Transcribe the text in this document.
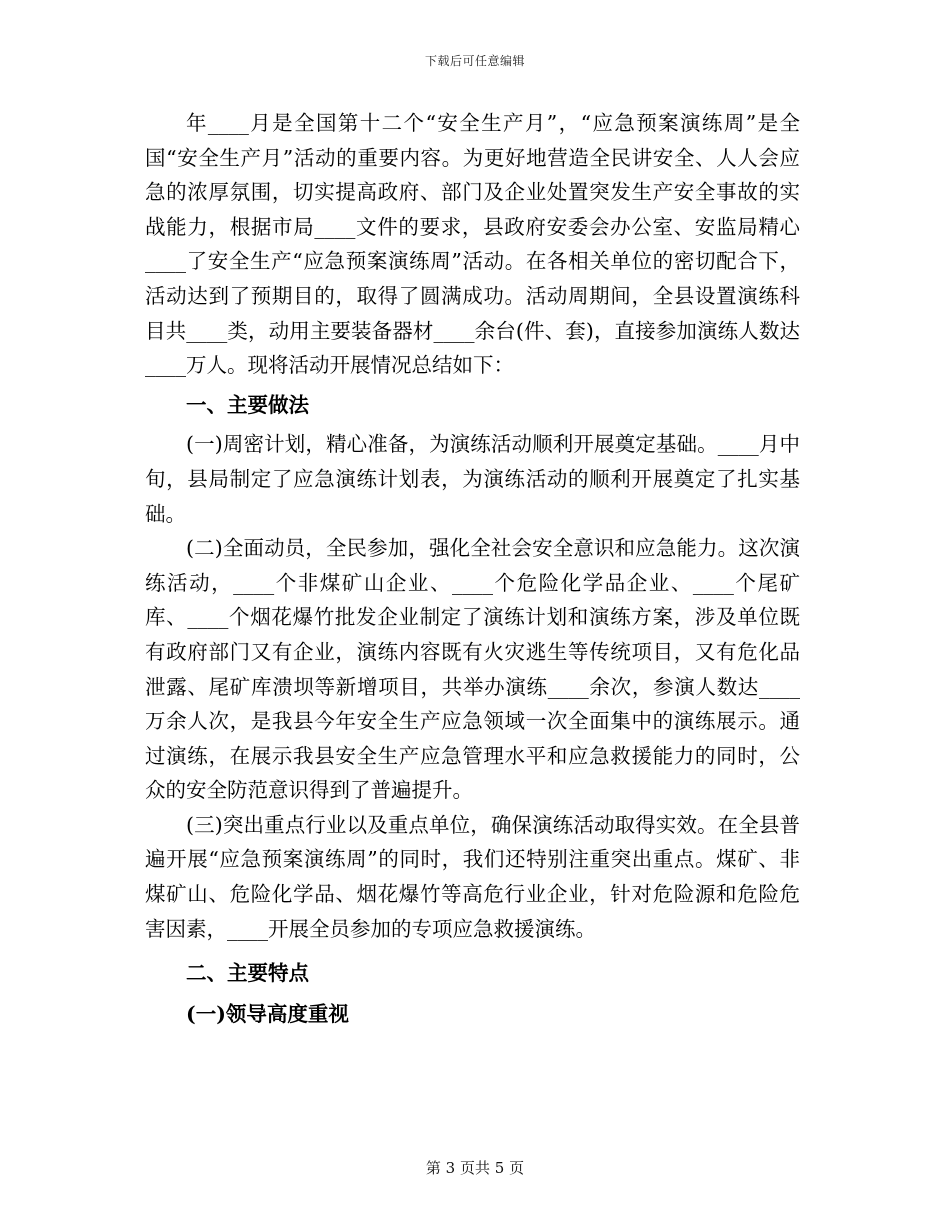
下载后可任意编辑

年____月是全国第十二个“安全生产月”，“应急预案演练周”是全国“安全生产月”活动的重要内容。为更好地营造全民讲安全、人人会应急的浓厚氛围，切实提高政府、部门及企业处置突发生产安全事故的实战能力，根据市局____文件的要求，县政府安委会办公室、安监局精心____了安全生产“应急预案演练周”活动。在各相关单位的密切配合下，活动达到了预期目的，取得了圆满成功。活动周期间，全县设置演练科目共____类，动用主要装备器材____余台(件、套)，直接参加演练人数达____万人。现将活动开展情况总结如下：

一、主要做法

(一)周密计划，精心准备，为演练活动顺利开展奠定基础。____月中旬，县局制定了应急演练计划表，为演练活动的顺利开展奠定了扎实基础。

(二)全面动员，全民参加，强化全社会安全意识和应急能力。这次演练活动，____个非煤矿山企业、____个危险化学品企业、____个尾矿库、____个烟花爆竹批发企业制定了演练计划和演练方案，涉及单位既有政府部门又有企业，演练内容既有火灾逃生等传统项目，又有危化品泄露、尾矿库溃坝等新增项目，共举办演练____余次，参演人数达____万余人次，是我县今年安全生产应急领域一次全面集中的演练展示。通过演练，在展示我县安全生产应急管理水平和应急救援能力的同时，公众的安全防范意识得到了普遍提升。

(三)突出重点行业以及重点单位，确保演练活动取得实效。在全县普遍开展“应急预案演练周”的同时，我们还特别注重突出重点。煤矿、非煤矿山、危险化学品、烟花爆竹等高危行业企业，针对危险源和危险危害因素，____开展全员参加的专项应急救援演练。

二、主要特点
(一)领导高度重视
第 3 页共 5 页
